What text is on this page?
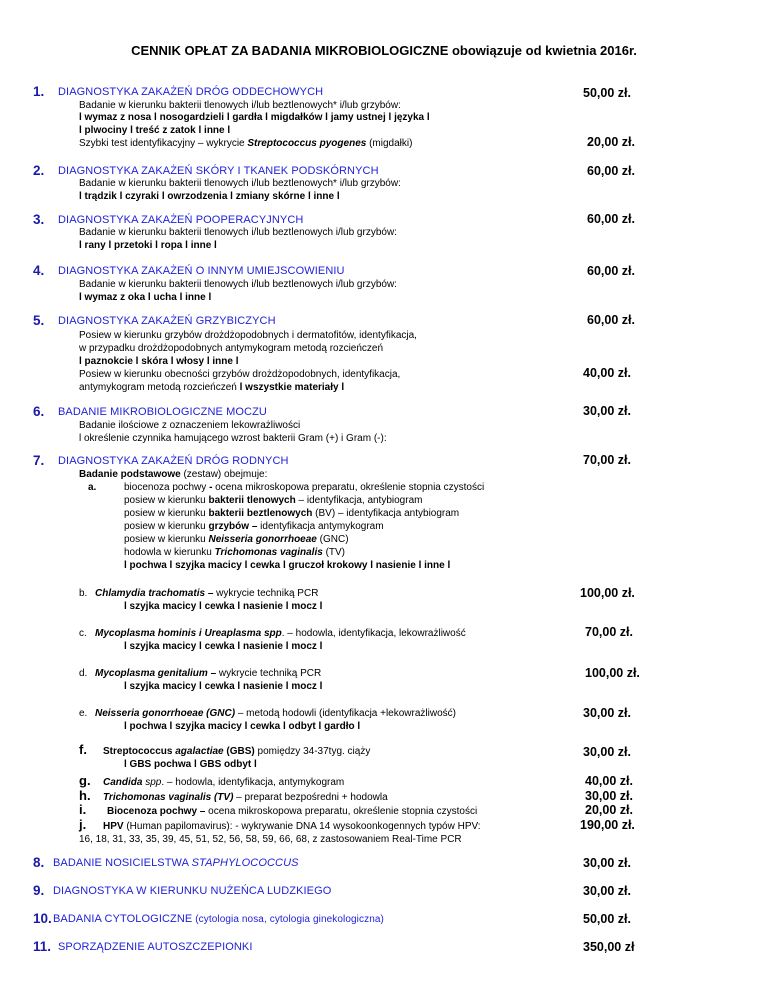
CENNIK OPŁAT ZA BADANIA MIKROBIOLOGICZNE obowiązuje od kwietnia 2016r.
1. DIAGNOSTYKA ZAKAŻEŃ DRÓG ODDECHOWYCH	50,00 zł.
Badanie w kierunku bakterii tlenowych i/lub beztlenowych* i/lub grzybów:
l wymaz z nosa l nosogardzieli l gardła l migdałków l jamy ustnej l języka l
l plwociny l treść z zatok l inne l
Szybki test identyfikacyjny – wykrycie Streptococcus pyogenes (migdałki)	20,00 zł.
2. DIAGNOSTYKA ZAKAŻEŃ SKÓRY I TKANEK PODSKÓRNYCH	60,00 zł.
Badanie w kierunku bakterii tlenowych i/lub beztlenowych* i/lub grzybów:
l trądzik l czyraki l owrzodzenia l zmiany skórne l inne l
3. DIAGNOSTYKA ZAKAŻEŃ POOPERACYJNYCH	60,00 zł.
Badanie w kierunku bakterii tlenowych i/lub beztlenowych i/lub grzybów:
l rany l przetoki l ropa l inne l
4. DIAGNOSTYKA ZAKAŻEŃ O INNYM UMIEJSCOWIENIU	60,00 zł.
Badanie w kierunku bakterii tlenowych i/lub beztlenowych i/lub grzybów:
l wymaz z oka l ucha l inne l
5. DIAGNOSTYKA ZAKAŻEŃ GRZYBICZYCH	60,00 zł.
Posiew w kierunku grzybów drożdżopodobnych i dermatofitów, identyfikacja,
w przypadku drożdżopodobnych antymykogram metodą rozcieńczeń
l paznokcie l skóra l włosy l inne l
Posiew w kierunku obecności grzybów drożdżopodobnych, identyfikacja,
antymykogram metodą rozcieńczeń l wszystkie materiały l
40,00 zł.
6. BADANIE MIKROBIOLOGICZNE MOCZU	30,00 zł.
Badanie ilościowe z oznaczeniem lekowrażliwości
l określenie czynnika hamującego wzrost bakterii Gram (+) i Gram (-):
7. DIAGNOSTYKA ZAKAŻEŃ DRÓG RODNYCH	70,00 zł.
Badanie podstawowe (zestaw) obejmuje:
a.	biocenoza pochwy - ocena mikroskopowa preparatu, określenie stopnia czystości
posiew w kierunku bakterii tlenowych – identyfikacja, antybiogram
posiew w kierunku bakterii beztlenowych (BV) – identyfikacja antybiogram
posiew w kierunku grzybów – identyfikacja antymykogram
posiew w kierunku Neisseria gonorrhoeae (GNC)
hodowla w kierunku Trichomonas vaginalis (TV)
l pochwa l szyjka macicy l cewka l gruczoł krokowy l nasienie l inne l
b. Chlamydia trachomatis – wykrycie techniką PCR
l szyjka macicy l cewka l nasienie l mocz l
100,00 zł.
c. Mycoplasma hominis i Ureaplasma spp. – hodowla, identyfikacja, lekowrażliwość
l szyjka macicy l cewka l nasienie l mocz l
70,00 zł.
d. Mycoplasma genitalium – wykrycie techniką PCR
l szyjka macicy l cewka l nasienie l mocz l
100,00 zł.
e. Neisseria gonorrhoeae (GNC) – metodą hodowli (identyfikacja +lekowrażliwość)
l pochwa l szyjka macicy l cewka l odbyt l gardło l
30,00 zł.
f. Streptococcus agalactiae (GBS) pomiędzy 34-37tyg. ciąży
l GBS pochwa l GBS odbyt l
30,00 zł.
g. Candida spp. – hodowla, identyfikacja, antymykogram	40,00 zł.
h. Trichomonas vaginalis (TV) – preparat bezpośredni + hodowla	30,00 zł.
i. Biocenoza pochwy – ocena mikroskopowa preparatu, określenie stopnia czystości	20,00 zł.
j. HPV (Human papilomavirus): - wykrywanie DNA 14 wysokoonkogennych typów HPV:
16, 18, 31, 33, 35, 39, 45, 51, 52, 56, 58, 59, 66, 68, z zastosowaniem Real-Time PCR
190,00 zł.
8. BADANIE NOSICIELSTWA STAPHYLOCOCCUS	30,00 zł.
9. DIAGNOSTYKA W KIERUNKU NUŻEŃCA LUDZKIEGO	30,00 zł.
10. BADANIA CYTOLOGICZNE (cytologia nosa, cytologia ginekologiczna)	50,00 zł.
11. SPORZĄDZENIE AUTOSZCZEPIONKI	350,00 zł
